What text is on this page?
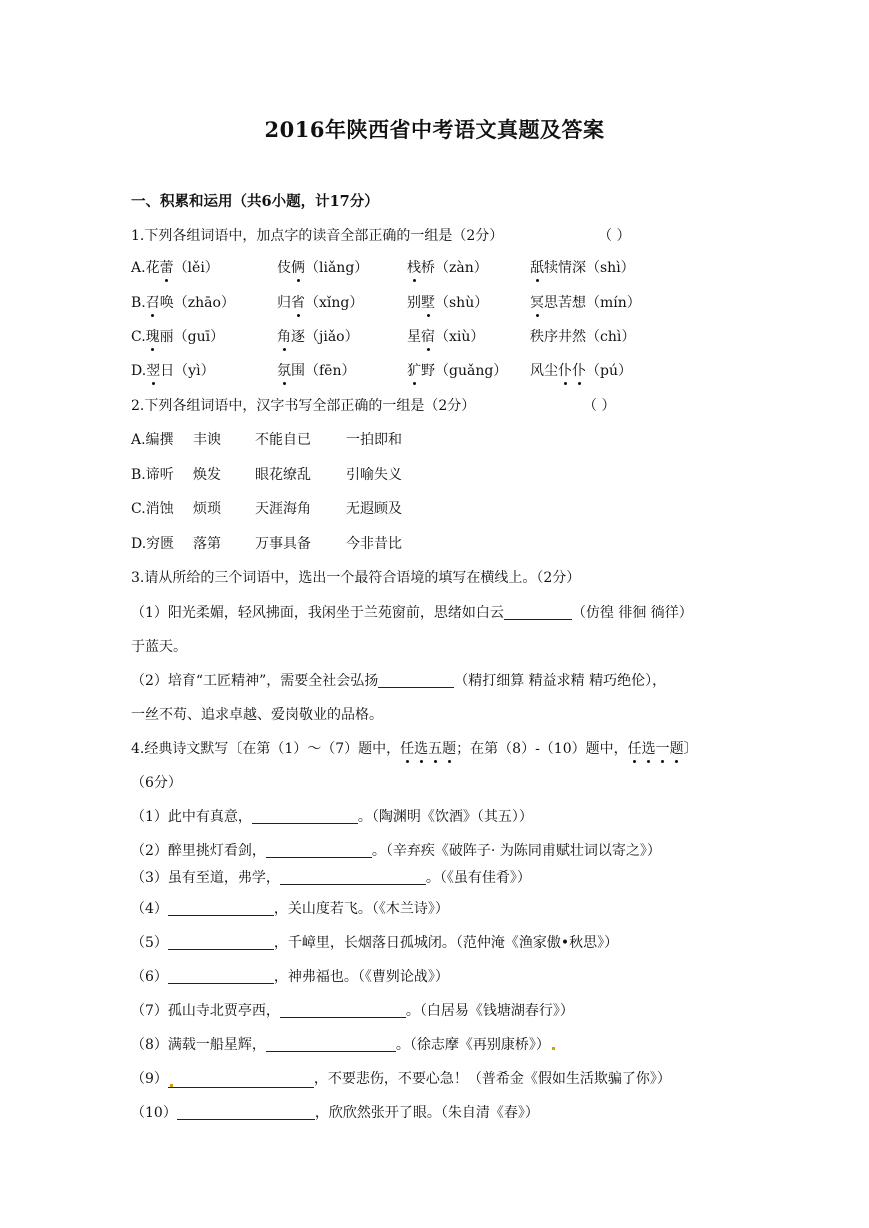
2016年陕西省中考语文真题及答案
一、积累和运用（共6小题，计17分）
1.下列各组词语中，加点字的读音全部正确的一组是（2分）	（ ）
A.花蕾（lěi）	伎俩（liǎng）	栈桥（zàn）	舐犊情深（shì）
B.召唤（zhāo）	归省（xǐng）	别墅（shù）	冥思苦想（mín）
C.瑰丽（guī）	角逐（jiǎo）	星宿（xiù）	秩序井然（chì）
D.翌日（yì）	氛围（fēn）	犷野（guǎng） 风尘仆仆（pú）
2.下列各组词语中，汉字书写全部正确的一组是（2分）	（ ）
A.编撰 丰谀 不能自已	一拍即和
B.谛听 焕发 眼花缭乱	引喻失义
C.消蚀 烦琐 天涯海角	无遐顾及
D.穷匮 落第 万事具备	今非昔比
3.请从所给的三个词语中，选出一个最符合语境的填写在横线上。（2分）
（1）阳光柔媚，轻风拂面，我闲坐于兰苑窗前，思绪如白云	（仿徨 徘徊 徜徉）
于蓝天。
（2）培育“工匠精神”，需要全社会弘扬	（精打细算 精益求精 精巧绝伦），
一丝不苟、追求卓越、爱岗敬业的品格。
4.经典诗文默写〔在第（1）～（7）题中，任选五题；在第（8）-（10）题中，任选一题〕
（6分）
（1）此中有真意，	。（陶渊明《饮酒》（其五））
（2）醉里挑灯看剑，	。（辛弃疾《破阵子· 为陈同甫赋壮词以寄之》）
（3）虽有至道，弗学，	。（《虽有佳肴》）
（4）	，关山度若飞。（《木兰诗》）
（5）	，千嶂里，长烟落日孤城闭。（范仲淹《渔家傲•秋思》）
（6）	，神弗福也。（《曹刿论战》）
（7）孤山寺北贾亭西，	。（白居易《钱塘湖春行》）
（8）满载一船星辉，	。（徐志摩《再别康桥》）
（9）	，不要悲伤，不要心急！（普希金《假如生活欺骗了你》）
（10）	，欣欣然张开了眼。（朱自清《春》）
